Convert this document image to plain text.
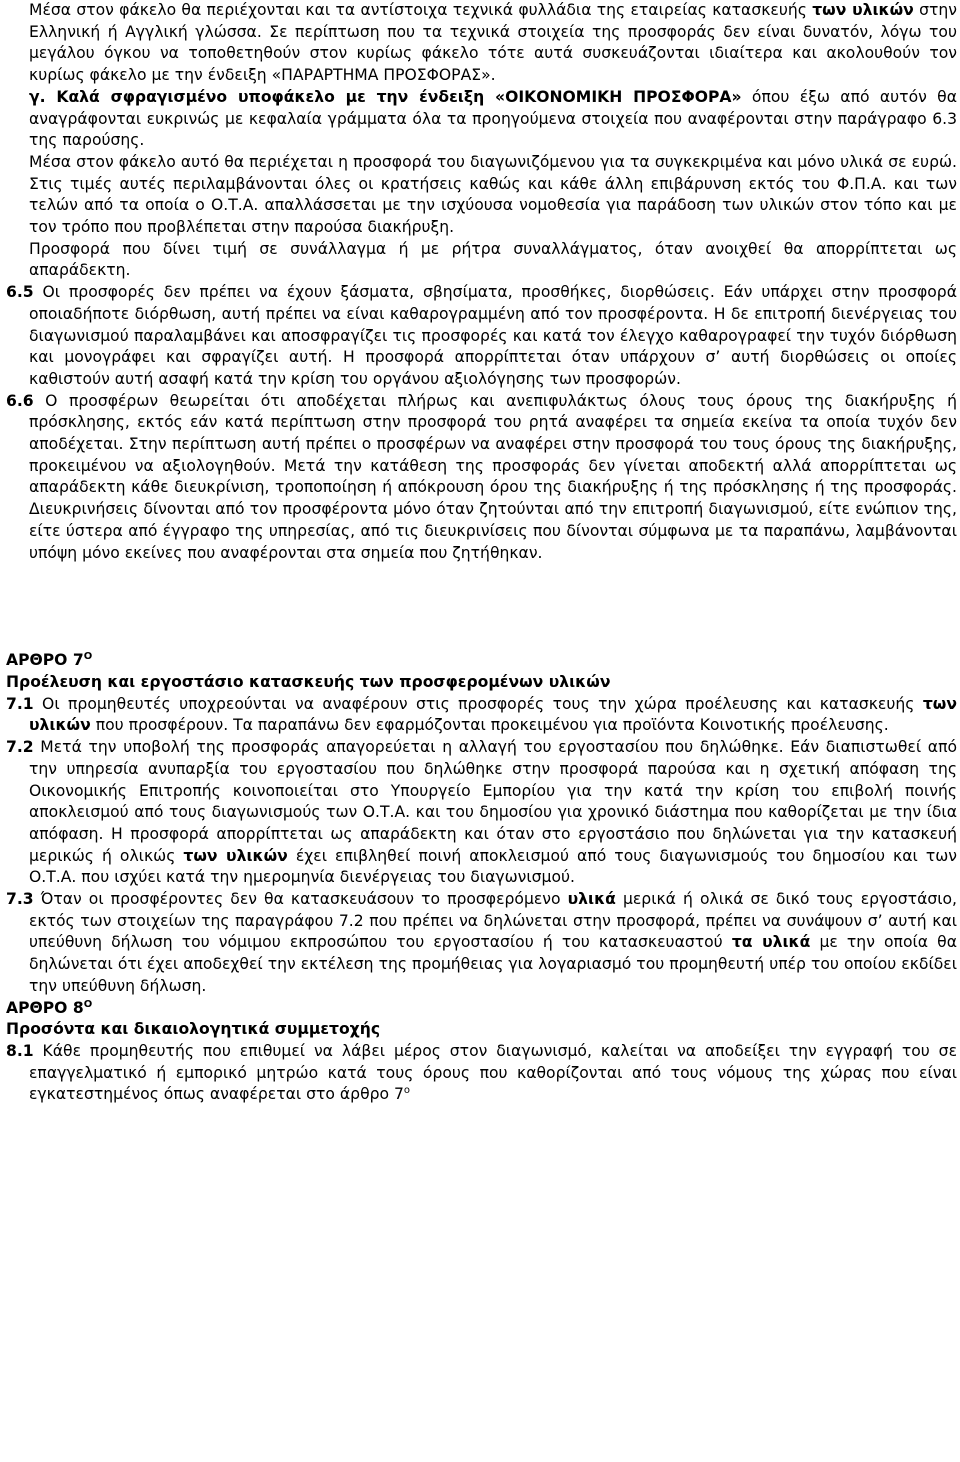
Μέσα στον φάκελο θα περιέχονται και τα αντίστοιχα τεχνικά φυλλάδια της εταιρείας κατασκευής των υλικών στην Ελληνική ή Αγγλική γλώσσα. Σε περίπτωση που τα τεχνικά στοιχεία της προσφοράς δεν είναι δυνατόν, λόγω του μεγάλου όγκου να τοποθετηθούν στον κυρίως φάκελο τότε αυτά συσκευάζονται ιδιαίτερα και ακολουθούν τον κυρίως φάκελο με την ένδειξη «ΠΑΡΑΡΤΗΜΑ ΠΡΟΣΦΟΡΑΣ».

γ. Καλά σφραγισμένο υποφάκελο με την ένδειξη «ΟΙΚΟΝΟΜΙΚΗ ΠΡΟΣΦΟΡΑ» όπου έξω από αυτόν θα αναγράφονται ευκρινώς με κεφαλαία γράμματα όλα τα προηγούμενα στοιχεία που αναφέρονται στην παράγραφο 6.3 της παρούσης.

Μέσα στον φάκελο αυτό θα περιέχεται η προσφορά του διαγωνιζόμενου για τα συγκεκριμένα και μόνο υλικά σε ευρώ. Στις τιμές αυτές περιλαμβάνονται όλες οι κρατήσεις καθώς και κάθε άλλη επιβάρυνση εκτός του Φ.Π.Α. και των τελών από τα οποία ο Ο.Τ.Α. απαλλάσσεται με την ισχύουσα νομοθεσία για παράδοση των υλικών στον τόπο και με τον τρόπο που προβλέπεται στην παρούσα διακήρυξη.

Προσφορά που δίνει τιμή σε συνάλλαγμα ή με ρήτρα συναλλάγματος, όταν ανοιχθεί θα απορρίπτεται ως απαράδεκτη.

6.5 Οι προσφορές δεν πρέπει να έχουν ξάσματα, σβησίματα, προσθήκες, διορθώσεις. Εάν υπάρχει στην προσφορά οποιαδήποτε διόρθωση, αυτή πρέπει να είναι καθαρογραμμένη από τον προσφέροντα. Η δε επιτροπή διενέργειας του διαγωνισμού παραλαμβάνει και αποσφραγίζει τις προσφορές και κατά τον έλεγχο καθαρογραφεί την τυχόν διόρθωση και μονογράφει και σφραγίζει αυτή. Η προσφορά απορρίπτεται όταν υπάρχουν σ’ αυτή διορθώσεις οι οποίες καθιστούν αυτή ασαφή κατά την κρίση του οργάνου αξιολόγησης των προσφορών.

6.6 Ο προσφέρων θεωρείται ότι αποδέχεται πλήρως και ανεπιφυλάκτως όλους τους όρους της διακήρυξης ή πρόσκλησης, εκτός εάν κατά περίπτωση στην προσφορά του ρητά αναφέρει τα σημεία εκείνα τα οποία τυχόν δεν αποδέχεται. Στην περίπτωση αυτή πρέπει ο προσφέρων να αναφέρει στην προσφορά του τους όρους της διακήρυξης, προκειμένου να αξιολογηθούν. Μετά την κατάθεση της προσφοράς δεν γίνεται αποδεκτή αλλά απορρίπτεται ως απαράδεκτη κάθε διευκρίνιση, τροποποίηση ή απόκρουση όρου της διακήρυξης ή της πρόσκλησης ή της προσφοράς. Διευκρινήσεις δίνονται από τον προσφέροντα μόνο όταν ζητούνται από την επιτροπή διαγωνισμού, είτε ενώπιον της, είτε ύστερα από έγγραφο της υπηρεσίας, από τις διευκρινίσεις που δίνονται σύμφωνα με τα παραπάνω, λαμβάνονται υπόψη μόνο εκείνες που αναφέρονται στα σημεία που ζητήθηκαν.

ΑΡΘΡΟ $7^O$

Προέλευση και εργοστάσιο κατασκευής των προσφερομένων υλικών

7.1 Οι προμηθευτές υποχρεούνται να αναφέρουν στις προσφορές τους την χώρα προέλευσης και κατασκευής των υλικών που προσφέρουν. Τα παραπάνω δεν εφαρμόζονται προκειμένου για προϊόντα Κοινοτικής προέλευσης.

7.2 Μετά την υποβολή της προσφοράς απαγορεύεται η αλλαγή του εργοστασίου που δηλώθηκε. Εάν διαπιστωθεί από την υπηρεσία ανυπαρξία του εργοστασίου που δηλώθηκε στην προσφορά παρούσα και η σχετική απόφαση της Οικονομικής Επιτροπής κοινοποιείται στο Υπουργείο Εμπορίου για την κατά την κρίση του επιβολή ποινής αποκλεισμού από τους διαγωνισμούς των Ο.Τ.Α. και του δημοσίου για χρονικό διάστημα που καθορίζεται με την ίδια απόφαση. Η προσφορά απορρίπτεται ως απαράδεκτη και όταν στο εργοστάσιο που δηλώνεται για την κατασκευή μερικώς ή ολικώς των υλικών έχει επιβληθεί ποινή αποκλεισμού από τους διαγωνισμούς του δημοσίου και των Ο.Τ.Α. που ισχύει κατά την ημερομηνία διενέργειας του διαγωνισμού.

7.3 Όταν οι προσφέροντες δεν θα κατασκευάσουν το προσφερόμενο υλικά μερικά ή ολικά σε δικό τους εργοστάσιο, εκτός των στοιχείων της παραγράφου 7.2 που πρέπει να δηλώνεται στην προσφορά, πρέπει να συνάψουν σ’ αυτή και υπεύθυνη δήλωση του νόμιμου εκπροσώπου του εργοστασίου ή του κατασκευαστού τα υλικά με την οποία θα δηλώνεται ότι έχει αποδεχθεί την εκτέλεση της προμήθειας για λογαριασμό του προμηθευτή υπέρ του οποίου εκδίδει την υπεύθυνη δήλωση.

ΑΡΘΡΟ $8^O$

Προσόντα και δικαιολογητικά συμμετοχής

8.1 Κάθε προμηθευτής που επιθυμεί να λάβει μέρος στον διαγωνισμό, καλείται να αποδείξει την εγγραφή του σε επαγγελματικό ή εμπορικό μητρώο κατά τους όρους που καθορίζονται από τους νόμους της χώρας που είναι εγκατεστημένος όπως αναφέρεται στο άρθρο $7^o$
